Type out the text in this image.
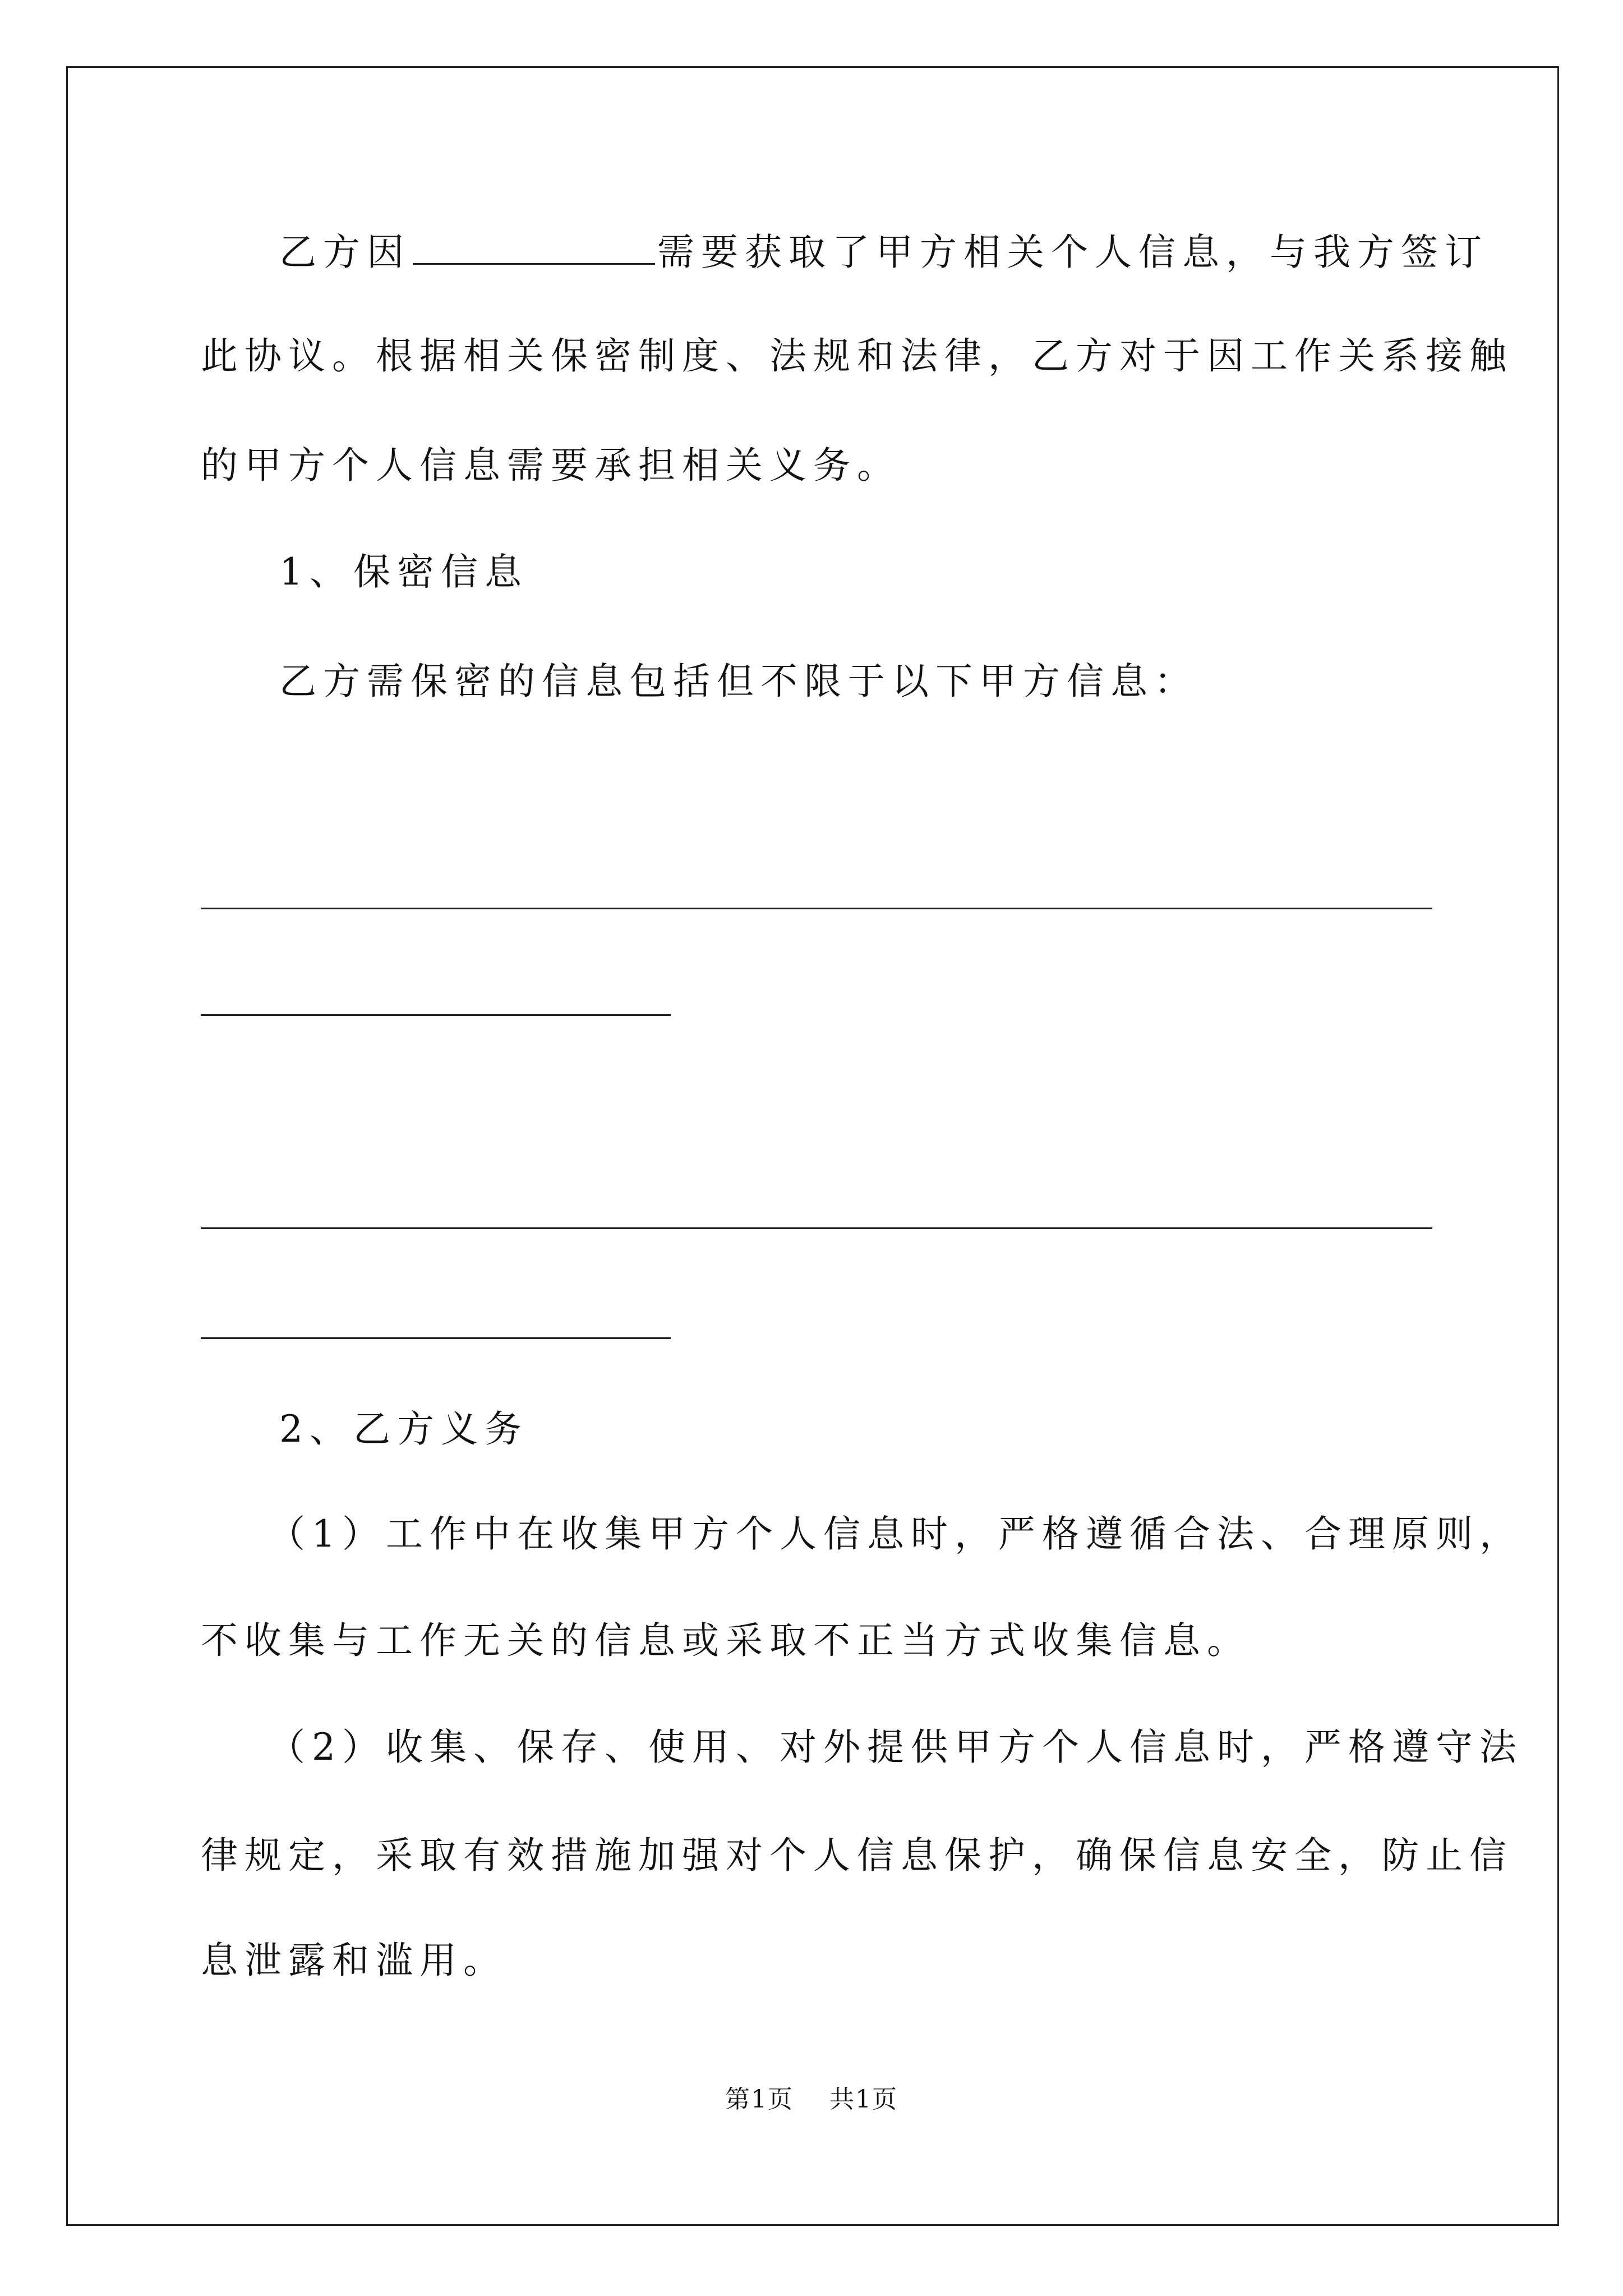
乙方因	需要获取了甲方相关个人信息，与我方签订
此协议。根据相关保密制度、法规和法律，乙方对于因工作关系接触
的甲方个人信息需要承担相关义务。
1、保密信息
乙方需保密的信息包括但不限于以下甲方信息：
2、乙方义务
（1）工作中在收集甲方个人信息时，严格遵循合法、合理原则，
不收集与工作无关的信息或采取不正当方式收集信息。
（2）收集、保存、使用、对外提供甲方个人信息时，严格遵守法
律规定，采取有效措施加强对个人信息保护，确保信息安全，防止信
息泄露和滥用。
第1页    共1页
